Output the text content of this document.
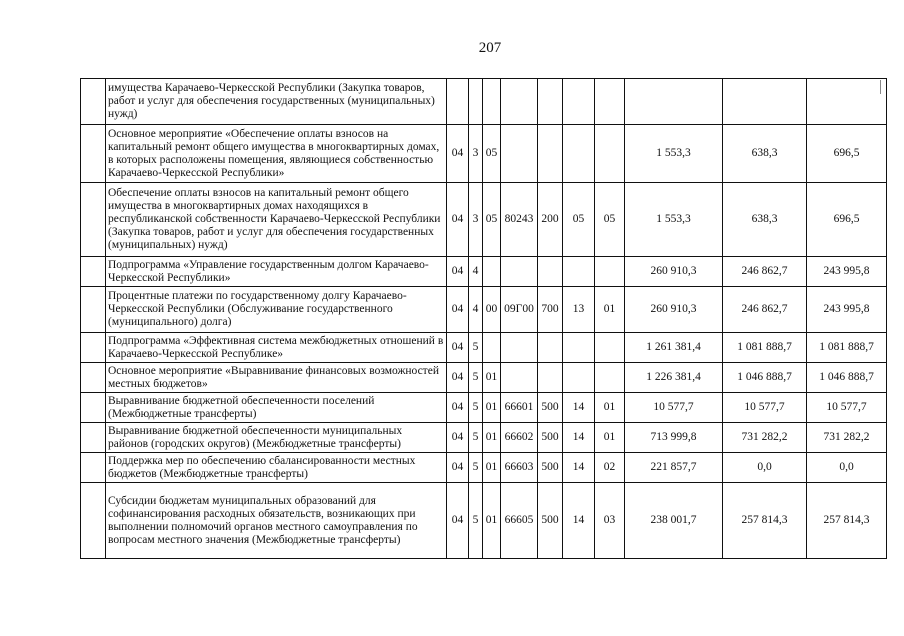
207
	имущества Карачаево-Черкесской Республики (Закупка товаров, работ и услуг для обеспечения государственных (муниципальных) нужд)										
	Основное мероприятие «Обеспечение оплаты взносов на капитальный ремонт общего имущества в многоквартирных домах, в которых расположены помещения, являющиеся собственностью Карачаево-Черкесской Республики»	04	3	05					1 553,3	638,3	696,5
	Обеспечение оплаты взносов на капитальный ремонт общего имущества в многоквартирных домах находящихся в республиканской собственности Карачаево-Черкесской Республики (Закупка товаров, работ и услуг для обеспечения государственных (муниципальных) нужд)	04	3	05	80243	200	05	05	1 553,3	638,3	696,5
	Подпрограмма «Управление государственным долгом Карачаево-Черкесской Республики»	04	4						260 910,3	246 862,7	243 995,8
	Процентные платежи по государственному долгу Карачаево-Черкесской Республики (Обслуживание государственного (муниципального) долга)	04	4	00	09Г00	700	13	01	260 910,3	246 862,7	243 995,8
	Подпрограмма «Эффективная система межбюджетных отношений в Карачаево-Черкесской Республике»	04	5						1 261 381,4	1 081 888,7	1 081 888,7
	Основное мероприятие «Выравнивание финансовых возможностей местных бюджетов»	04	5	01					1 226 381,4	1 046 888,7	1 046 888,7
	Выравнивание бюджетной обеспеченности поселений (Межбюджетные трансферты)	04	5	01	66601	500	14	01	10 577,7	10 577,7	10 577,7
	Выравнивание бюджетной обеспеченности муниципальных районов (городских округов) (Межбюджетные трансферты)	04	5	01	66602	500	14	01	713 999,8	731 282,2	731 282,2
	Поддержка мер по обеспечению сбалансированности местных бюджетов (Межбюджетные трансферты)	04	5	01	66603	500	14	02	221 857,7	0,0	0,0
	Субсидии бюджетам муниципальных образований для софинансирования расходных обязательств, возникающих при выполнении полномочий органов местного самоуправления по вопросам местного значения (Межбюджетные трансферты)	04	5	01	66605	500	14	03	238 001,7	257 814,3	257 814,3
